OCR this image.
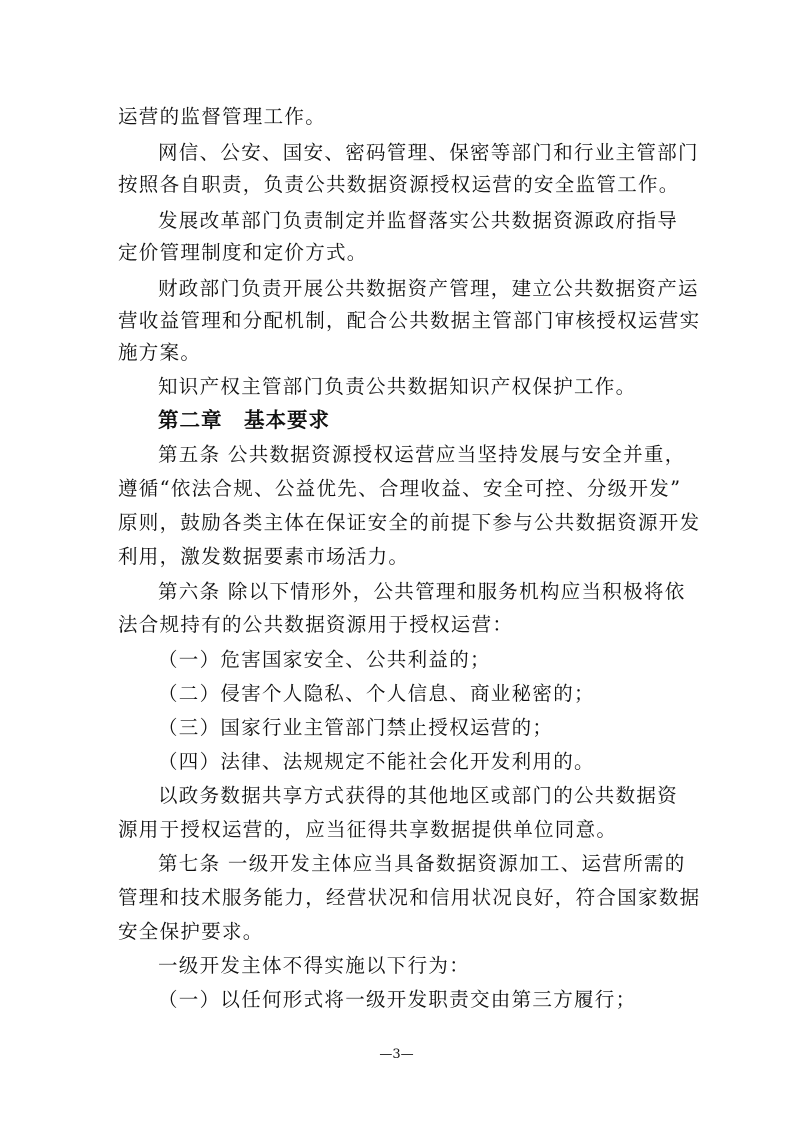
运营的监督管理工作。
网信、公安、国安、密码管理、保密等部门和行业主管部门
按照各自职责，负责公共数据资源授权运营的安全监管工作。
发展改革部门负责制定并监督落实公共数据资源政府指导
定价管理制度和定价方式。
财政部门负责开展公共数据资产管理，建立公共数据资产运
营收益管理和分配机制，配合公共数据主管部门审核授权运营实
施方案。
知识产权主管部门负责公共数据知识产权保护工作。
第二章　基本要求
第五条 公共数据资源授权运营应当坚持发展与安全并重，
遵循“依法合规、公益优先、合理收益、安全可控、分级开发”
原则，鼓励各类主体在保证安全的前提下参与公共数据资源开发
利用，激发数据要素市场活力。
第六条 除以下情形外，公共管理和服务机构应当积极将依
法合规持有的公共数据资源用于授权运营：
（一）危害国家安全、公共利益的；
（二）侵害个人隐私、个人信息、商业秘密的；
（三）国家行业主管部门禁止授权运营的；
（四）法律、法规规定不能社会化开发利用的。
以政务数据共享方式获得的其他地区或部门的公共数据资
源用于授权运营的，应当征得共享数据提供单位同意。
第七条 一级开发主体应当具备数据资源加工、运营所需的
管理和技术服务能力，经营状况和信用状况良好，符合国家数据
安全保护要求。
一级开发主体不得实施以下行为：
（一）以任何形式将一级开发职责交由第三方履行；
—3—
